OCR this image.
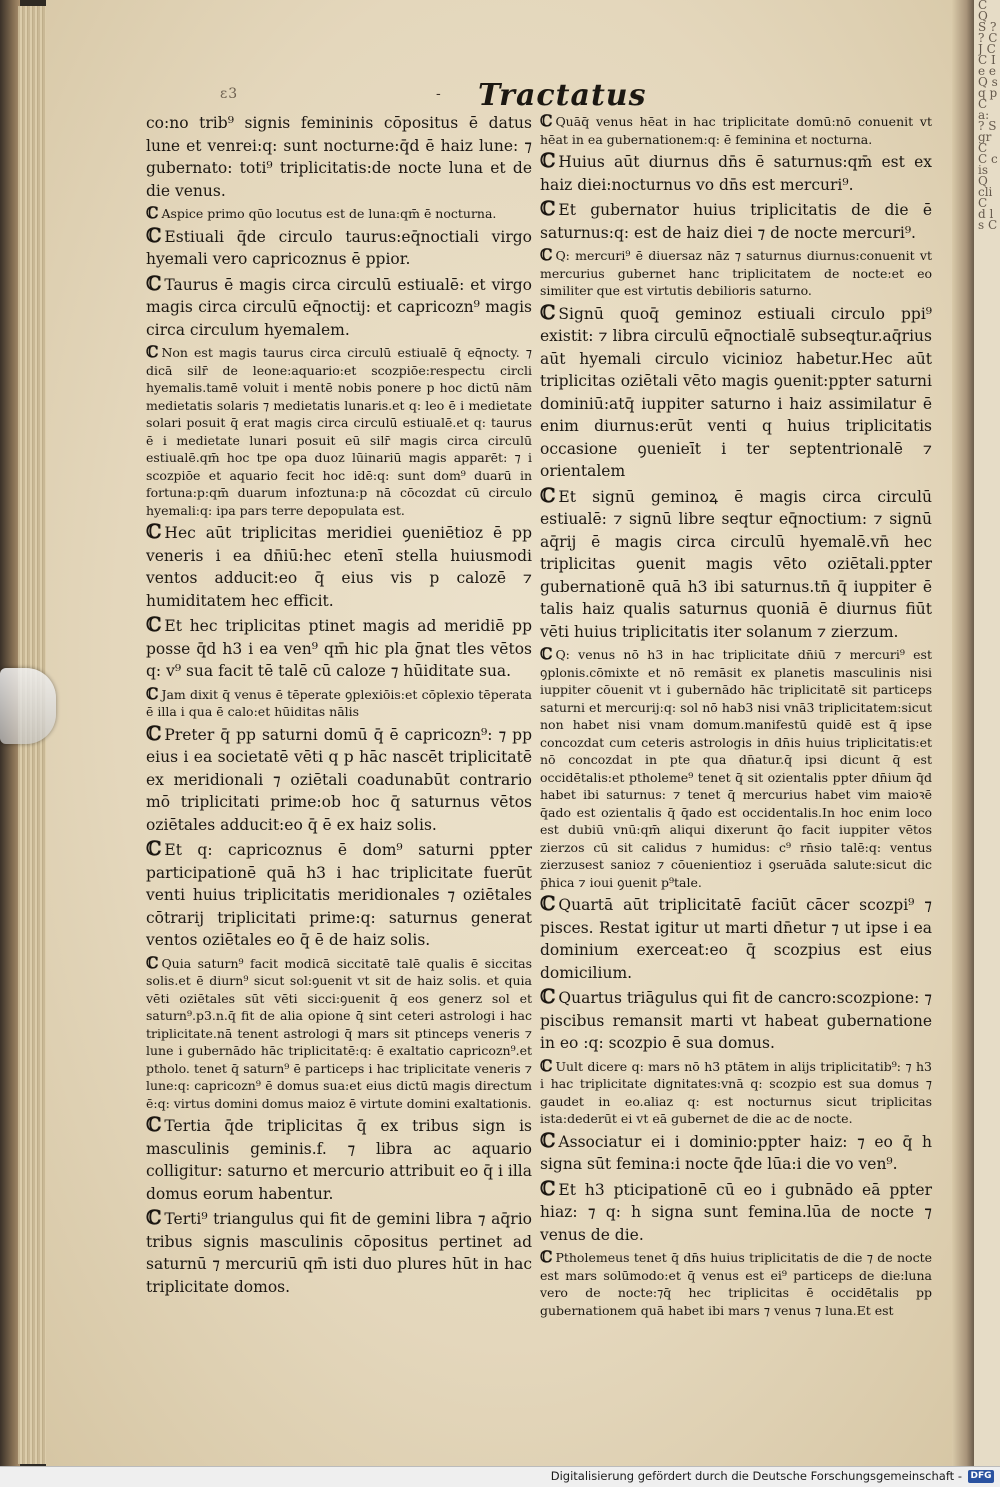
C Q S ? ? C J C C Ie e Q s q p C a: ? S gr C C cis Q cli C d l s C
ɛ3	- Tractatus
co:no trib⁹ signis femininis cōpositus ē datus lune et venrei:q: sunt nocturne:q̄d ē haiz lune: ⁊ gubernato: toti⁹ triplicitatis:de nocte luna et de die venus.
ℂ Aspice primo qūo locutus est de luna:qm̄ ē nocturna.
ℂ Estiuali q̄de circulo taurus:eq̄noctiali virgo hyemali vero capricoznus ē ppior.
ℂ Taurus ē magis circa circulū estiualē: et virgo magis circa circulū eq̄noctij: et capricozn⁹ magis circa circulum hyemalem.
ℂ Non est magis taurus circa circulū estiualē q̄ eq̄nocty. ⁊ dicā silr̄ de leone:aquario:et scozpiōe:respectu circli hyemalis.tamē voluit i mentē nobis ponere p hoc dictū nām medietatis solaris ⁊ medietatis lunaris.et q: leo ē i medietate solari posuit q̄ erat magis circa circulū estiualē.et q: taurus ē i medietate lunari posuit eū silr̄ magis circa circulū estiualē.qm̄ hoc tpe opa duoz lūinariū magis apparēt: ⁊ i scozpiōe et aquario fecit hoc idē:q: sunt dom⁹ duarū in fortuna:p:qm̄ duarum infoztuna:p nā cōcozdat cū circulo hyemali:q: ipa pars terre depopulata est.
ℂ Hec aūt triplicitas meridiei ꝯueniētioz ē pp veneris i ea dn̄iū:hec etenī stella huiusmodi ventos adducit:eo q̄ eius vis p calozē ⁊ humiditatem hec efficit.
ℂ Et hec triplicitas ptinet magis ad meridiē pp posse q̄d h3 i ea ven⁹ qm̄ hic pla ḡnat tles vētos q: v⁹ sua facit tē talē cū caloze ⁊ hūiditate sua.
ℂ Jam dixit q̄ venus ē tēperate ꝯplexiōis:et cōplexio tēperata ē illa i qua ē calo:et hūiditas nālis
ℂ Preter q̄ pp saturni domū q̄ ē capricozn⁹: ⁊ pp eius i ea societatē vēti q p hāc nascēt triplicitatē ex meridionali ⁊ oziētali coadunabūt contrario mō triplicitati prime:ob hoc q̄ saturnus vētos oziētales adducit:eo q̄ ē ex haiz solis.
ℂ Et q: capricoznus ē dom⁹ saturni ppter participationē quā h3 i hac triplicitate fuerūt venti huius triplicitatis meridionales ⁊ oziētales cōtrarij triplicitati prime:q: saturnus generat ventos oziētales eo q̄ ē de haiz solis.
ℂ Quia saturn⁹ facit modicā siccitatē talē qualis ē siccitas solis.et ē diurn⁹ sicut sol:ꝯuenit vt sit de haiz solis. et quia vēti oziētales sūt vēti sicci:ꝯuenit q̄ eos generz sol et saturn⁹.p3.n.q̄ fit de alia opione q̄̄ sint ceteri astrologi i hac triplicitate.nā tenent astrologi q̄ mars sit ptinceps veneris ⁊ lune i gubernādo hāc triplicitatē:q: ē exaltatio capricozn⁹.et ptholo. tenet q̄ saturn⁹ ē particeps i hac triplicitate veneris ⁊ lune:q: capricozn⁹ ē domus sua:et eius dictū magis directum ē:q: virtus domini domus maioz ē virtute domini exaltationis.
ℂ Tertia q̄de triplicitas q̄ ex tribus sign is masculinis geminis.f. ⁊ libra ac aquario colligitur: saturno et mercurio attribuit eo q̄ i illa domus eorum habentur.
ℂ Terti⁹ triangulus qui fit de gemini libra ⁊ aq̄rio tribus signis masculinis cōpositus pertinet ad saturnū ⁊ mercuriū qm̄ isti duo plures hūt in hac triplicitate domos.
ℂ Quāq̄ venus hēat in hac triplicitate domū:nō conuenit vt hēat in ea gubernationem:q: ē feminina et nocturna.
ℂ Huius aūt diurnus dn̄s ē saturnus:qm̄ est ex haiz diei:nocturnus vo dn̄s est mercuri⁹.
ℂ Et gubernator huius triplicitatis de die ē saturnus:q: est de haiz diei ⁊ de nocte mercuri⁹.
ℂ Q: mercuri⁹ ē diuersaz nāz ⁊ saturnus diurnus:conuenit vt mercurius gubernet hanc triplicitatem de nocte:et eo similiter que est virtutis debilioris saturno.
ℂ Signū quoq̄ geminoz estiuali circulo ppi⁹ existit: ⁊ libra circulū eq̄noctialē subseqtur.aq̄rius aūt hyemali circulo vicinioz habetur.Hec aūt triplicitas oziētali vēto magis ꝯuenit:ppter saturni dominiū:atq̄ iuppiter saturno i haiz assimilatur ē enim diurnus:erūt venti q huius triplicitatis occasione ꝯuenieīt i ter septentrionalē ⁊ orientalem
ℂ Et signū geminoꝝ ē magis circa circulū estiualē: ⁊ signū libre seqtur eq̄noctium: ⁊ signū aq̄rij ē magis circa circulū hyemalē.vn̄ hec triplicitas ꝯuenit magis vēto oziētali.ppter gubernationē quā h3 ibi saturnus.tn̄ q̄ iuppiter ē talis haiz qualis saturnus quoniā ē diurnus fiūt vēti huius triplicitatis iter solanum ⁊ zierzum.
ℂ Q: venus nō h3 in hac triplicitate dn̄iū ⁊ mercuri⁹ est ꝯplonis.cōmixte et nō remāsit ex planetis masculinis nisi iuppiter cōuenit vt i gubernādo hāc triplicitatē sit particeps saturni et mercurij:q: sol nō hab3 nisi vnā3 triplicitatem:sicut non habet nisi vnam domum.manifestū quidē est q̄ ipse concozdat cum ceteris astrologis in dn̄is huius triplicitatis:et nō concozdat in pte qua dn̄atur.q̄ ipsi dicunt q̄ est occidētalis:et ptholeme⁹ tenet q̄ sit ozientalis ppter dn̄ium q̄d habet ibi saturnus: ⁊ tenet q̄ mercurius habet vim maioꝛē q̄ado est ozientalis q̄ q̄ado est occidentalis.In hoc enim loco est dubiū vnū:qm̄ aliqui dixerunt q̄o facit iuppiter vētos zierzos cū sit calidus ⁊ humidus: c⁹ rn̄sio talē:q: ventus zierzusest sanioz ⁊ cōuenientioz i ꝯseruāda salute:sicut dic p̄hica ⁊ ioui ꝯuenit p⁹tale.
ℂ Quartā aūt triplicitatē faciūt cācer scozpi⁹ ⁊ pisces. Restat igitur ut marti dn̄etur ⁊ ut ipse i ea dominium exerceat:eo q̄ scozpius est eius domicilium.
ℂ Quartus triāgulus qui fit de cancro:scozpione: ⁊ piscibus remansit marti vt habeat gubernatione in eo :q: scozpio ē sua domus.
ℂ Uult dicere q: mars nō h3 ptātem in alijs triplicitatib⁹: ⁊ h3 i hac triplicitate dignitates:vnā q: scozpio est sua domus ⁊ gaudet in eo.aliaz q: est nocturnus sicut triplicitas ista:dederūt ei vt eā gubernet de die ac de nocte.
ℂ Associatur ei i dominio:ppter haiz: ⁊ eo q̄ h signa sūt femina:i nocte q̄de lūa:i die vo ven⁹.
ℂ Et h3 pticipationē cū eo i gubnādo eā ppter hiaz: ⁊ q: h signa sunt femina.lūa de nocte ⁊ venus de die.
ℂ Ptholemeus tenet q̄ dn̄s huius triplicitatis de die ⁊ de nocte est mars solūmodo:et q̄ venus est ei⁹ particeps de die:luna vero de nocte:⁊q̄ hec triplicitas ē occidētalis pp gubernationem quā habet ibi mars ⁊ venus ⁊ luna.Et est
Digitalisierung gefördert durch die Deutsche Forschungsgemeinschaft - DFG
